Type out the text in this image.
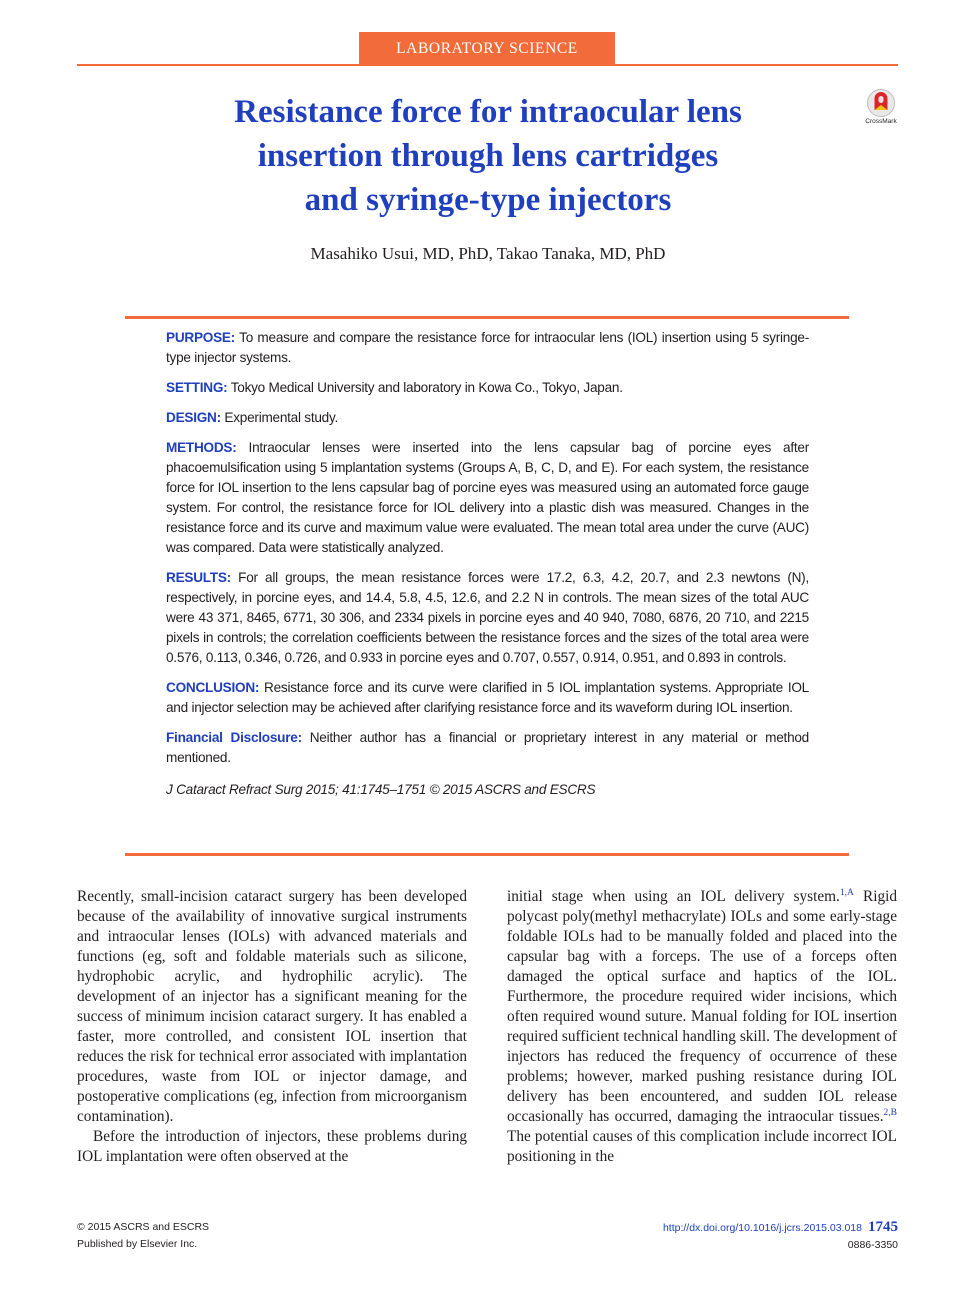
LABORATORY SCIENCE
CrossMark
Resistance force for intraocular lens
insertion through lens cartridges
and syringe-type injectors
Masahiko Usui, MD, PhD, Takao Tanaka, MD, PhD

PURPOSE: To measure and compare the resistance force for intraocular lens (IOL) insertion using 5 syringe-type injector systems.

SETTING: Tokyo Medical University and laboratory in Kowa Co., Tokyo, Japan.

DESIGN: Experimental study.

METHODS: Intraocular lenses were inserted into the lens capsular bag of porcine eyes after phacoemulsification using 5 implantation systems (Groups A, B, C, D, and E). For each system, the resistance force for IOL insertion to the lens capsular bag of porcine eyes was measured using an automated force gauge system. For control, the resistance force for IOL delivery into a plastic dish was measured. Changes in the resistance force and its curve and maximum value were evaluated. The mean total area under the curve (AUC) was compared. Data were statistically analyzed.

RESULTS: For all groups, the mean resistance forces were 17.2, 6.3, 4.2, 20.7, and 2.3 newtons (N), respectively, in porcine eyes, and 14.4, 5.8, 4.5, 12.6, and 2.2 N in controls. The mean sizes of the total AUC were 43 371, 8465, 6771, 30 306, and 2334 pixels in porcine eyes and 40 940, 7080, 6876, 20 710, and 2215 pixels in controls; the correlation coefficients between the resistance forces and the sizes of the total area were 0.576, 0.113, 0.346, 0.726, and 0.933 in porcine eyes and 0.707, 0.557, 0.914, 0.951, and 0.893 in controls.

CONCLUSION: Resistance force and its curve were clarified in 5 IOL implantation systems. Appropriate IOL and injector selection may be achieved after clarifying resistance force and its waveform during IOL insertion.

Financial Disclosure: Neither author has a financial or proprietary interest in any material or method mentioned.

J Cataract Refract Surg 2015; 41:1745–1751 © 2015 ASCRS and ESCRS

Recently, small-incision cataract surgery has been developed because of the availability of innovative surgical instruments and intraocular lenses (IOLs) with advanced materials and functions (eg, soft and foldable materials such as silicone, hydrophobic acrylic, and hydrophilic acrylic). The development of an injector has a significant meaning for the success of minimum incision cataract surgery. It has enabled a faster, more controlled, and consistent IOL insertion that reduces the risk for technical error associated with implantation procedures, waste from IOL or injector damage, and postoperative complications (eg, infection from microorganism contamination).

Before the introduction of injectors, these problems during IOL implantation were often observed at the

initial stage when using an IOL delivery system.$^{1,A}$ Rigid polycast poly(methyl methacrylate) IOLs and some early-stage foldable IOLs had to be manually folded and placed into the capsular bag with a forceps. The use of a forceps often damaged the optical surface and haptics of the IOL. Furthermore, the procedure required wider incisions, which often required wound suture. Manual folding for IOL insertion required sufficient technical handling skill. The development of injectors has reduced the frequency of occurrence of these problems; however, marked pushing resistance during IOL delivery has been encountered, and sudden IOL release occasionally has occurred, damaging the intraocular tissues.$^{2,B}$ The potential causes of this complication include incorrect IOL positioning in the

© 2015 ASCRS and ESCRS
Published by Elsevier Inc.
http://dx.doi.org/10.1016/j.jcrs.2015.03.018 1745
0886-3350
